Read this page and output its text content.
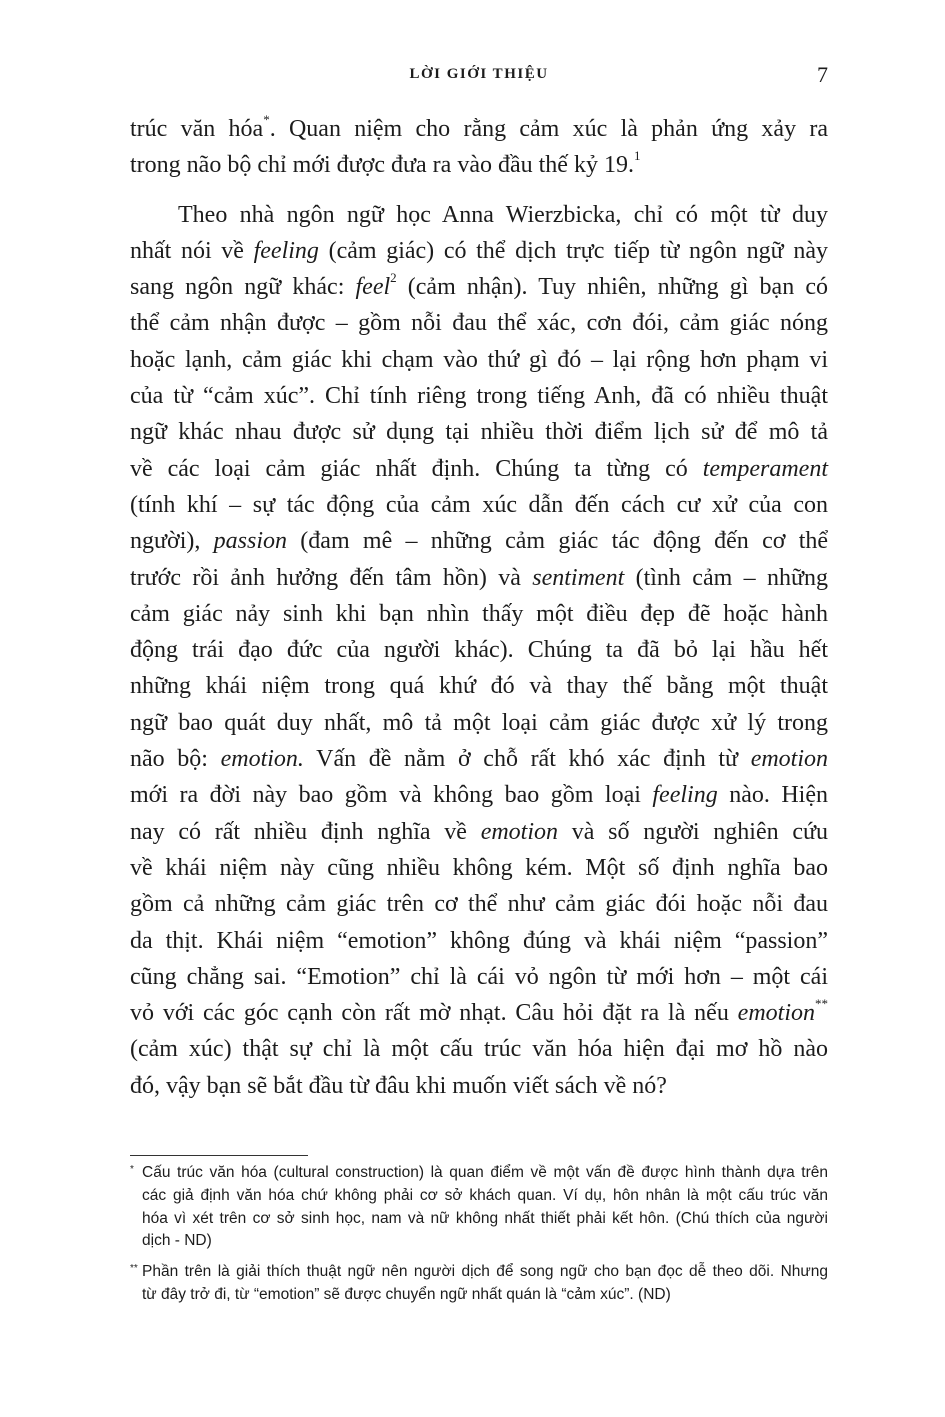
LỜI GIỚI THIỆU	7
trúc văn hóa*. Quan niệm cho rằng cảm xúc là phản ứng xảy ra
trong não bộ chỉ mới được đưa ra vào đầu thế kỷ 19.$^1$
Theo nhà ngôn ngữ học Anna Wierzbicka, chỉ có một từ duy
nhất nói về feeling (cảm giác) có thể dịch trực tiếp từ ngôn ngữ này
sang ngôn ngữ khác: feel$^2$ (cảm nhận). Tuy nhiên, những gì bạn có
thể cảm nhận được – gồm nỗi đau thể xác, cơn đói, cảm giác nóng
hoặc lạnh, cảm giác khi chạm vào thứ gì đó – lại rộng hơn phạm vi
của từ “cảm xúc”. Chỉ tính riêng trong tiếng Anh, đã có nhiều thuật
ngữ khác nhau được sử dụng tại nhiều thời điểm lịch sử để mô tả
về các loại cảm giác nhất định. Chúng ta từng có temperament
(tính khí – sự tác động của cảm xúc dẫn đến cách cư xử của con
người), passion (đam mê – những cảm giác tác động đến cơ thể
trước rồi ảnh hưởng đến tâm hồn) và sentiment (tình cảm – những
cảm giác nảy sinh khi bạn nhìn thấy một điều đẹp đẽ hoặc hành
động trái đạo đức của người khác). Chúng ta đã bỏ lại hầu hết
những khái niệm trong quá khứ đó và thay thế bằng một thuật
ngữ bao quát duy nhất, mô tả một loại cảm giác được xử lý trong
não bộ: emotion. Vấn đề nằm ở chỗ rất khó xác định từ emotion
mới ra đời này bao gồm và không bao gồm loại feeling nào. Hiện
nay có rất nhiều định nghĩa về emotion và số người nghiên cứu
về khái niệm này cũng nhiều không kém. Một số định nghĩa bao
gồm cả những cảm giác trên cơ thể như cảm giác đói hoặc nỗi đau
da thịt. Khái niệm “emotion” không đúng và khái niệm “passion”
cũng chẳng sai. “Emotion” chỉ là cái vỏ ngôn từ mới hơn – một cái
vỏ với các góc cạnh còn rất mờ nhạt. Câu hỏi đặt ra là nếu emotion**
(cảm xúc) thật sự chỉ là một cấu trúc văn hóa hiện đại mơ hồ nào
đó, vậy bạn sẽ bắt đầu từ đâu khi muốn viết sách về nó?
* Cấu trúc văn hóa (cultural construction) là quan điểm về một vấn đề được hình thành dựa trên
các giả định văn hóa chứ không phải cơ sở khách quan. Ví dụ, hôn nhân là một cấu trúc văn
hóa vì xét trên cơ sở sinh học, nam và nữ không nhất thiết phải kết hôn. (Chú thích của người
dịch - ND)
** Phần trên là giải thích thuật ngữ nên người dịch để song ngữ cho bạn đọc dễ theo dõi. Nhưng
từ đây trở đi, từ “emotion” sẽ được chuyển ngữ nhất quán là “cảm xúc”. (ND)
